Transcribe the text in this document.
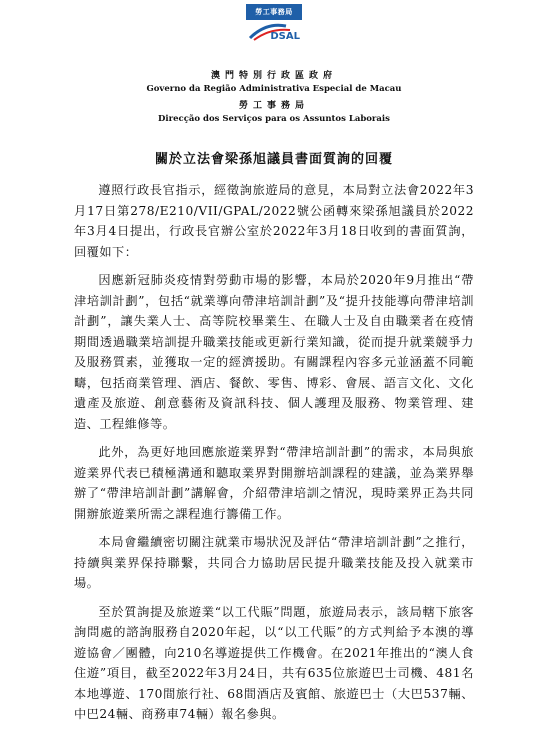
勞工事務局
DSAL
澳門特別行政區政府
Governo da Região Administrativa Especial de Macau
勞工事務局
Direcção dos Serviços para os Assuntos Laborais
關於立法會梁孫旭議員書面質詢的回覆

遵照行政長官指示，經徵詢旅遊局的意見，本局對立法會2022年3月17日第278/E210/VII/GPAL/2022號公函轉來梁孫旭議員於2022年3月4日提出，行政長官辦公室於2022年3月18日收到的書面質詢，回覆如下：

因應新冠肺炎疫情對勞動市場的影響，本局於2020年9月推出“帶津培訓計劃”，包括“就業導向帶津培訓計劃”及“提升技能導向帶津培訓計劃”，讓失業人士、高等院校畢業生、在職人士及自由職業者在疫情期間透過職業培訓提升職業技能或更新行業知識，從而提升就業競爭力及服務質素，並獲取一定的經濟援助。有關課程內容多元並涵蓋不同範疇，包括商業管理、酒店、餐飲、零售、博彩、會展、語言文化、文化遺產及旅遊、創意藝術及資訊科技、個人護理及服務、物業管理、建造、工程維修等。

此外，為更好地回應旅遊業界對“帶津培訓計劃”的需求，本局與旅遊業界代表已積極溝通和聽取業界對開辦培訓課程的建議，並為業界舉辦了“帶津培訓計劃”講解會，介紹帶津培訓之情況，現時業界正為共同開辦旅遊業所需之課程進行籌備工作。

本局會繼續密切關注就業市場狀況及評估“帶津培訓計劃”之推行，持續與業界保持聯繫，共同合力協助居民提升職業技能及投入就業市場。

至於質詢提及旅遊業“以工代賑”問題，旅遊局表示，該局轄下旅客詢問處的諮詢服務自2020年起，以“以工代賑”的方式判給予本澳的導遊協會／團體，向210名導遊提供工作機會。在2021年推出的“澳人食住遊”項目，截至2022年3月24日，共有635位旅遊巴士司機、481名本地導遊、170間旅行社、68間酒店及賓館、旅遊巴士（大巴537輛、中巴24輛、商務車74輛）報名參與。
